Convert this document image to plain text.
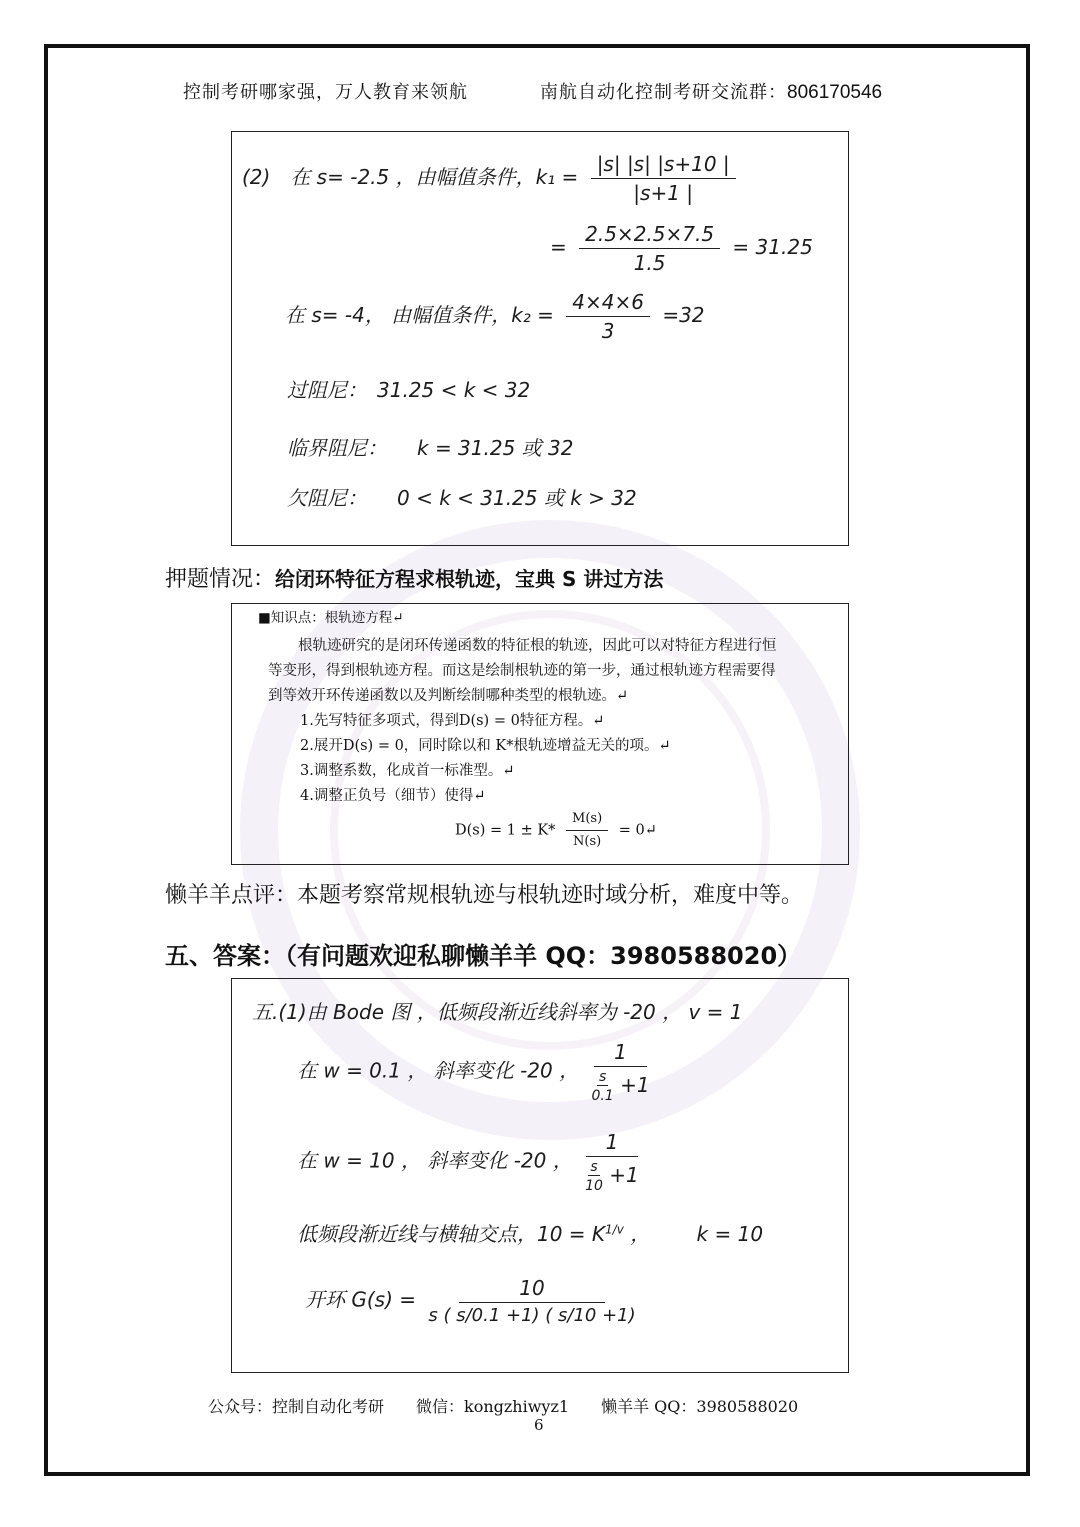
控制考研哪家强，万人教育来领航	南航自动化控制考研交流群：806170546
(2)　在 s= -2.5 ，由幅值条件，$k_1 = \frac{|s| |s| |s+10 |}{|s+1 |}$
= $\frac{2.5\times 2.5\times 7.5}{1.5} = 31.25$
在 s= -4， 由幅值条件，$k_2 = \frac{4\times 4\times 6}{3} =32$
过阻尼：　31.25 < k < 32
临界阻尼：　　k = 31.25 或 32
欠阻尼：　　0 < k < 31.25 或 k > 32
押题情况：给闭环特征方程求根轨迹，宝典 S 讲过方法
■知识点：根轨迹方程↵
根轨迹研究的是闭环传递函数的特征根的轨迹，因此可以对特征方程进行恒
等变形，得到根轨迹方程。而这是绘制根轨迹的第一步，通过根轨迹方程需要得
到等效开环传递函数以及判断绘制哪种类型的根轨迹。↵
1.先写特征多项式，得到D(s) = 0特征方程。↵
2.展开D(s) = 0，同时除以和 K*根轨迹增益无关的项。↵
3.调整系数，化成首一标准型。↵
4.调整正负号（细节）使得↵
$D(s) = 1 \pm K* \frac{M(s)}{N(s)}$ = 0↵
懒羊羊点评：本题考察常规根轨迹与根轨迹时域分析，难度中等。
五、答案：（有问题欢迎私聊懒羊羊 QQ：3980588020）
五.(1)由 Bode 图 ，低频段渐近线斜率为 -20 ， v = 1
在 w = 0.1 ， 斜率变化 -20 ， $\frac{1}{\frac{s}{0.1} +1}$
在 w = 10 ， 斜率变化 -20 ， $\frac{1}{\frac{s}{10} +1}$
低频段渐近线与横轴交点，$10 = K^{1/v}$ ， k = 10
开环 $G(s) = \frac{10}{s ( s/0.1 +1) ( s/10 +1)}$
公众号：控制自动化考研　　微信：kongzhiwyz1　　懒羊羊 QQ：3980588020
6
